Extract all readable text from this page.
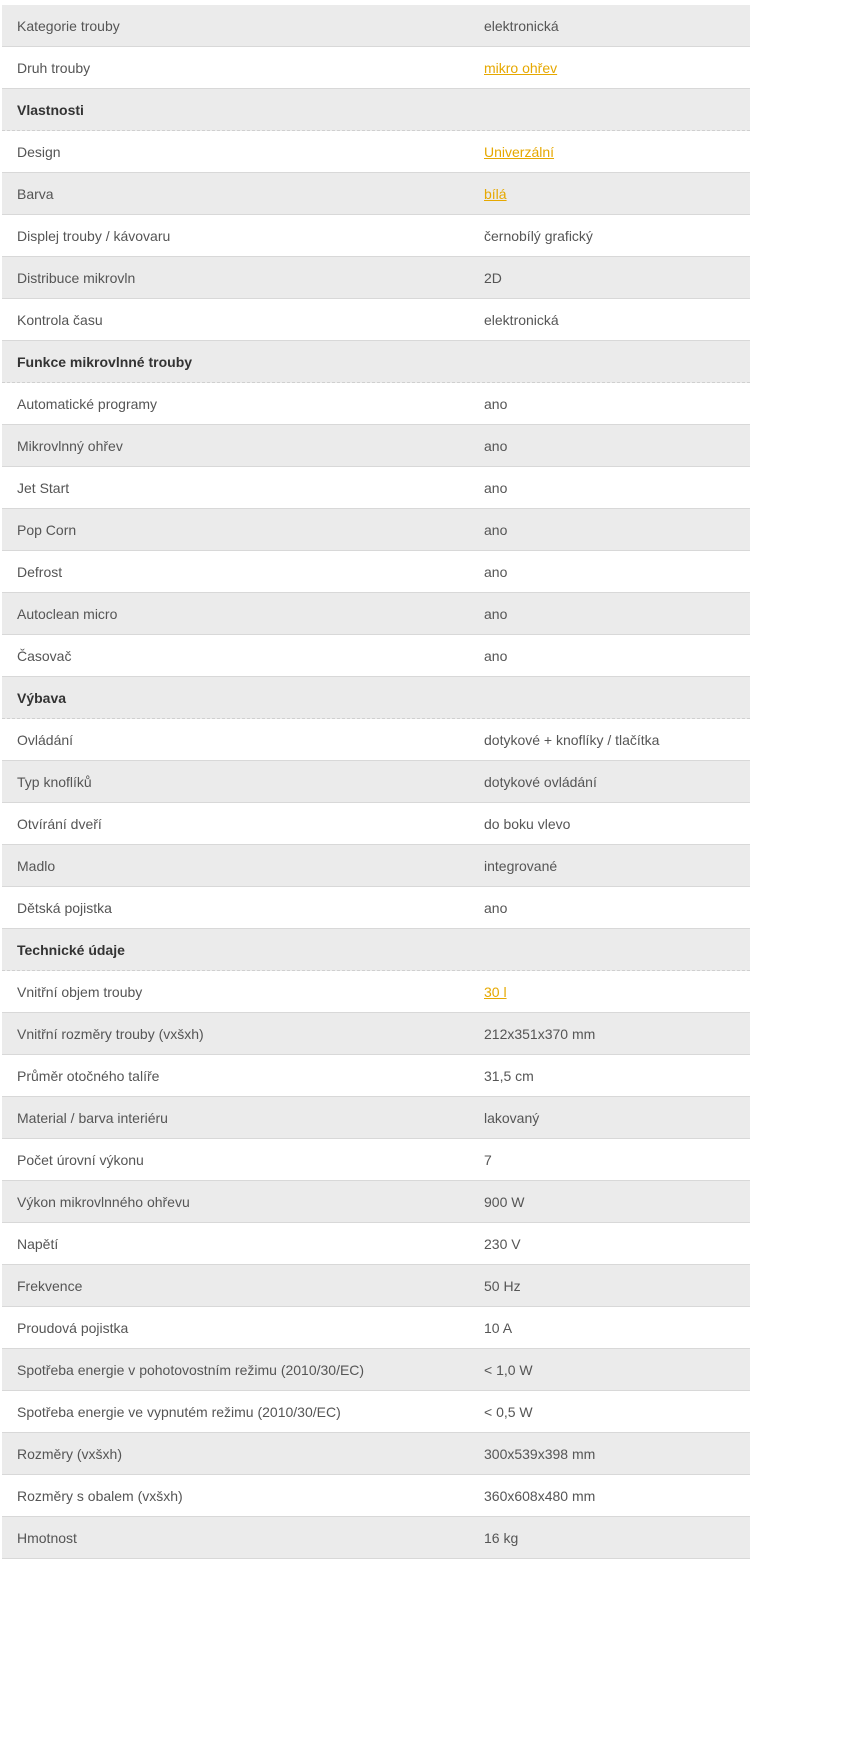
Kategorie trouby	elektronická
Druh trouby	mikro ohřev
Vlastnosti
Design	Univerzální
Barva	bílá
Displej trouby / kávovaru	černobílý grafický
Distribuce mikrovln	2D
Kontrola času	elektronická
Funkce mikrovlnné trouby
Automatické programy	ano
Mikrovlnný ohřev	ano
Jet Start	ano
Pop Corn	ano
Defrost	ano
Autoclean micro	ano
Časovač	ano
Výbava
Ovládání	dotykové + knoflíky / tlačítka
Typ knoflíků	dotykové ovládání
Otvírání dveří	do boku vlevo
Madlo	integrované
Dětská pojistka	ano
Technické údaje
Vnitřní objem trouby	30 l
Vnitřní rozměry trouby (vxšxh)	212x351x370 mm
Průměr otočného talíře	31,5 cm
Material / barva interiéru	lakovaný
Počet úrovní výkonu	7
Výkon mikrovlnného ohřevu	900 W
Napětí	230 V
Frekvence	50 Hz
Proudová pojistka	10 A
Spotřeba energie v pohotovostním režimu (2010/30/EC)	< 1,0 W
Spotřeba energie ve vypnutém režimu (2010/30/EC)	< 0,5 W
Rozměry (vxšxh)	300x539x398 mm
Rozměry s obalem (vxšxh)	360x608x480 mm
Hmotnost	16 kg
